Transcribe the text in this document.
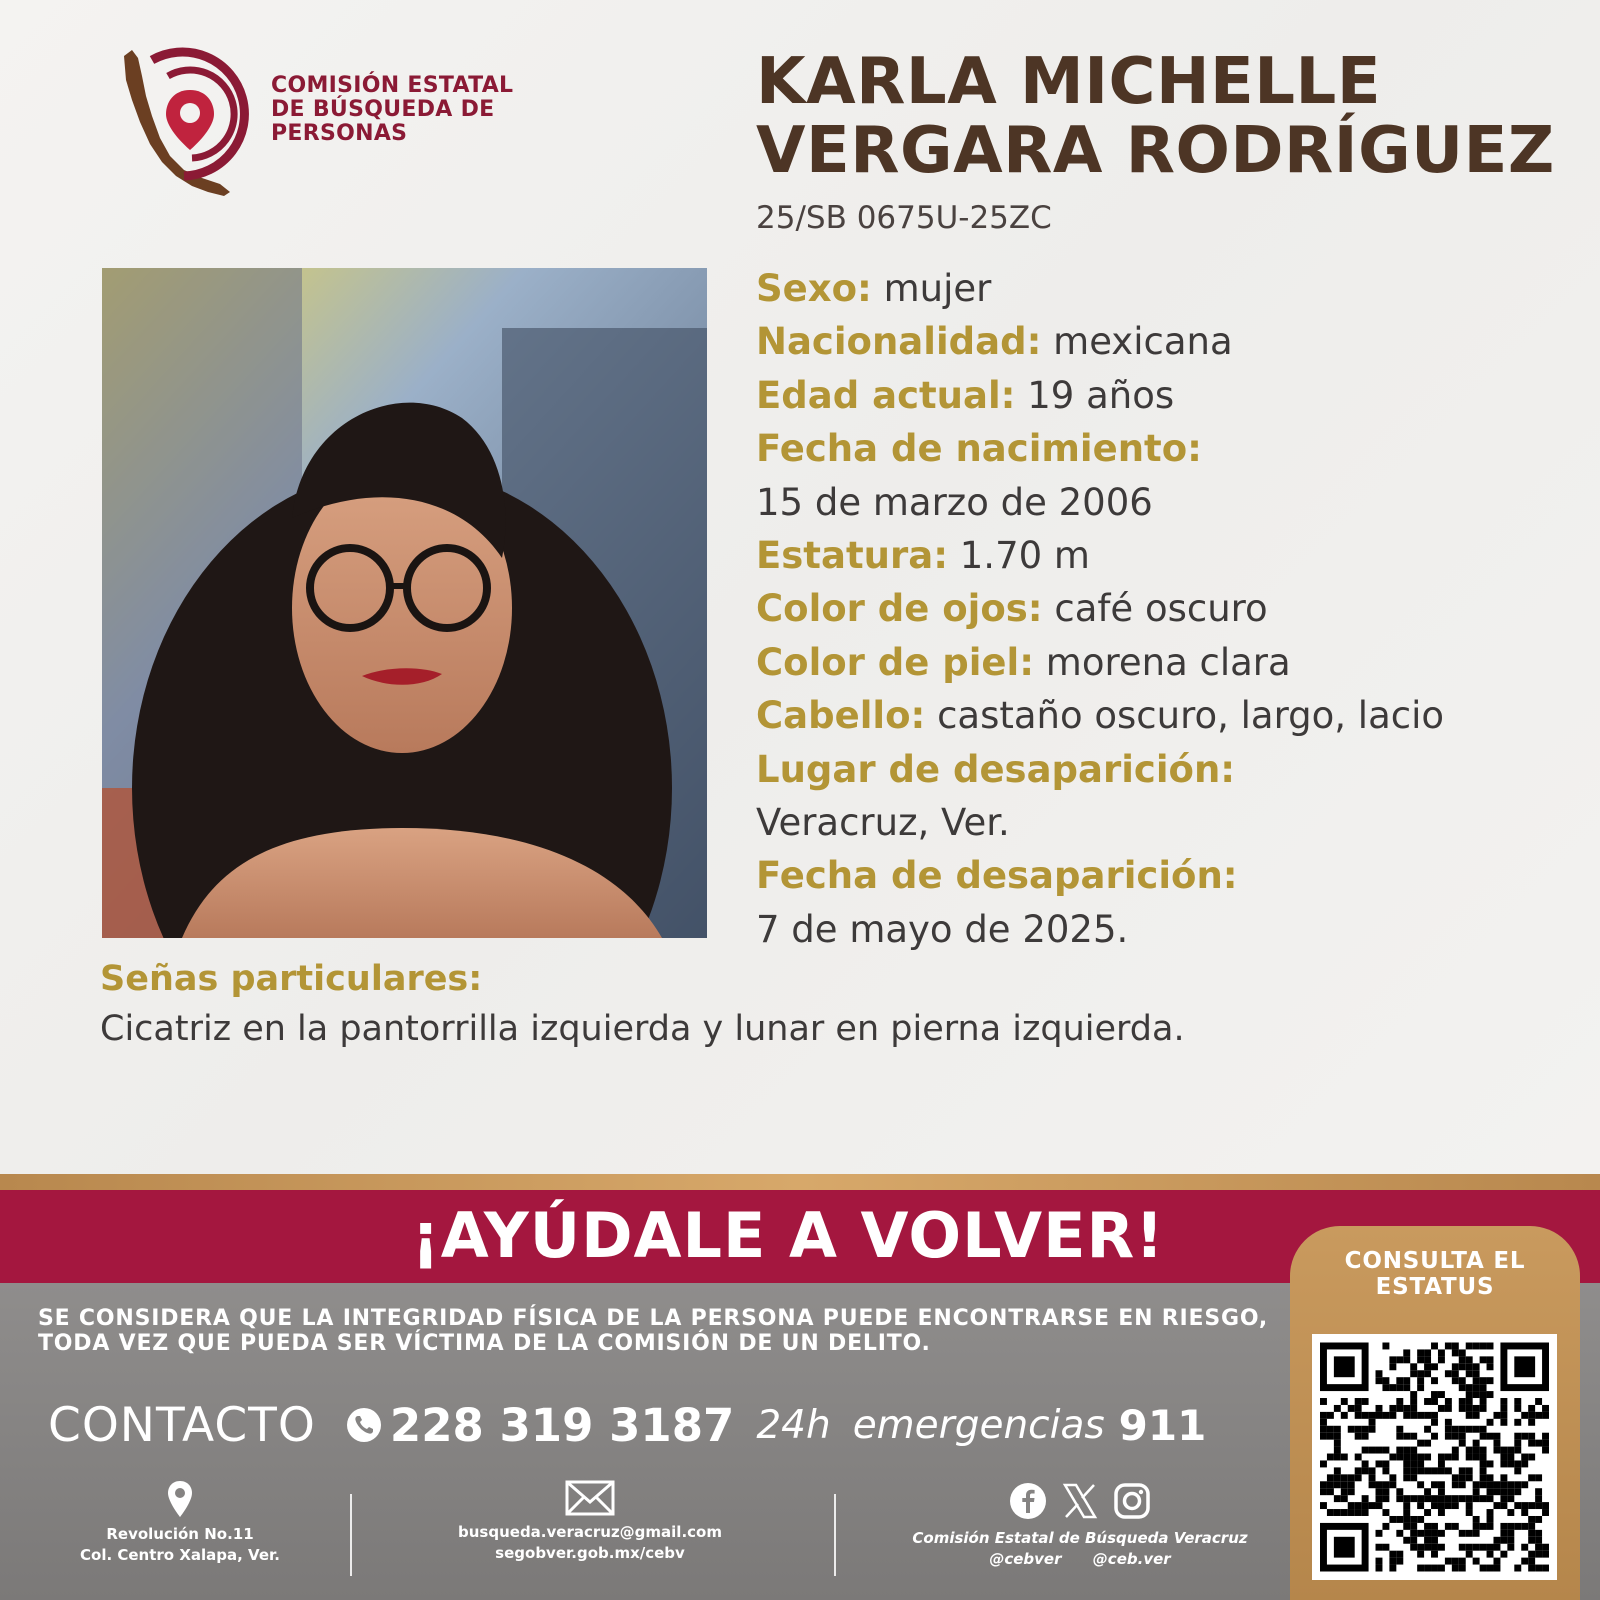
COMISIÓN ESTATAL
DE BÚSQUEDA DE
PERSONAS
KARLA MICHELLE
VERGARA RODRÍGUEZ
25/SB 0675U-25ZC
Sexo: mujer
Nacionalidad: mexicana
Edad actual: 19 años
Fecha de nacimiento:
15 de marzo de 2006
Estatura: 1.70 m
Color de ojos: café oscuro
Color de piel: morena clara
Cabello: castaño oscuro, largo, lacio
Lugar de desaparición:
Veracruz, Ver.
Fecha de desaparición:
7 de mayo de 2025.
Señas particulares:
Cicatriz en la pantorrilla izquierda y lunar en pierna izquierda.
¡AYÚDALE A VOLVER!
SE CONSIDERA QUE LA INTEGRIDAD FÍSICA DE LA PERSONA PUEDE ENCONTRARSE EN RIESGO,
TODA VEZ QUE PUEDA SER VÍCTIMA DE LA COMISIÓN DE UN DELITO.
CONTACTO 228 319 3187 24h emergencias 911
Revolución No.11
Col. Centro Xalapa, Ver.
busqueda.veracruz@gmail.com
segobver.gob.mx/cebv
Comisión Estatal de Búsqueda Veracruz
@cebver      @ceb.ver
CONSULTA EL
ESTATUS
